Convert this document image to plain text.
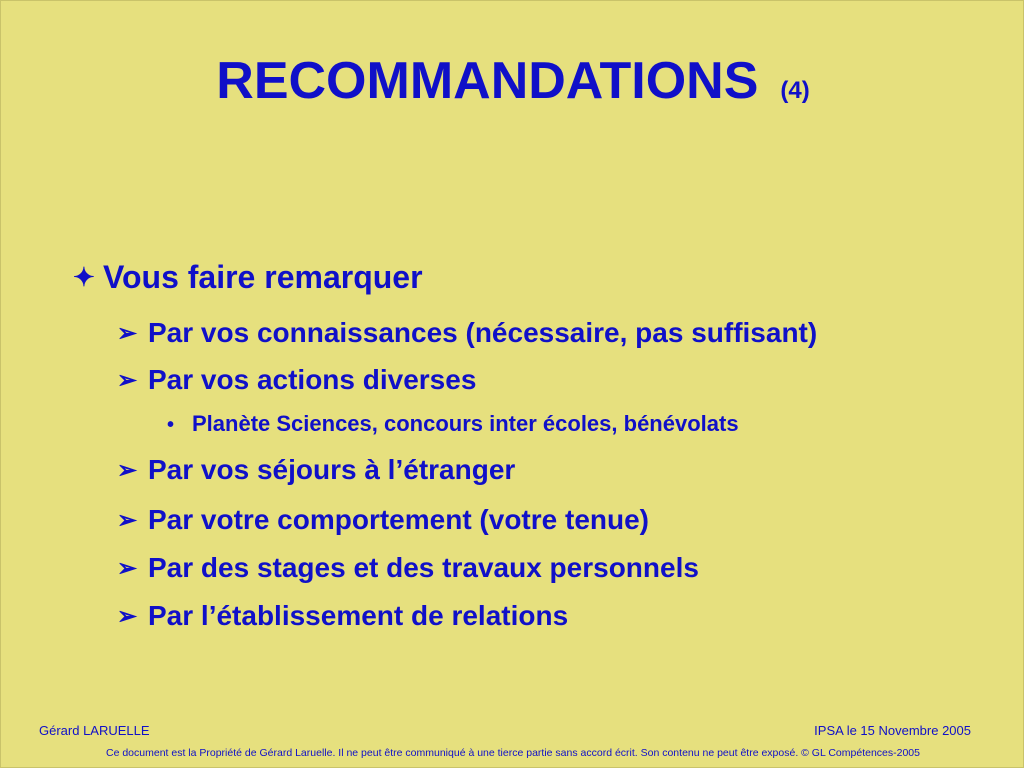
RECOMMANDATIONS (4)
✦ Vous faire remarquer
➢ Par vos connaissances (nécessaire, pas suffisant)
➢ Par vos actions diverses
• Planète Sciences, concours inter écoles, bénévolats
➢ Par vos séjours à l’étranger
➢ Par votre comportement (votre tenue)
➢ Par des stages et des travaux personnels
➢ Par l’établissement de relations
Gérard LARUELLE	IPSA le 15 Novembre 2005
Ce document est la Propriété de Gérard Laruelle. Il ne peut être communiqué à une tierce partie sans accord écrit. Son contenu ne peut être exposé. © GL Compétences-2005
